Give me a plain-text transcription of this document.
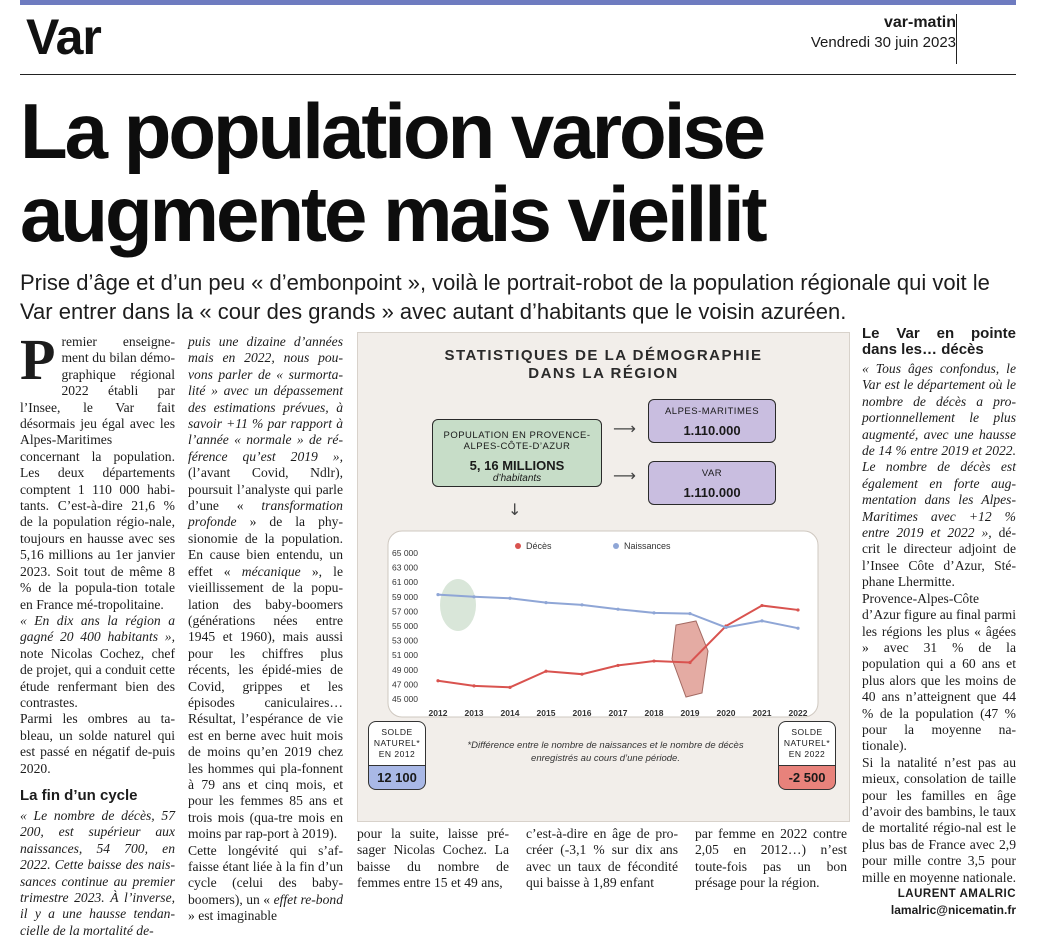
Var	var-matin
Vendredi 30 juin 2023
La population varoise augmente mais vieillit
Prise d’âge et d’un peu « d’embonpoint », voilà le portrait-robot de la population régionale qui voit le Var entrer dans la « cour des grands » avec autant d’habitants que le voisin azuréen.

Premier enseigne-ment du bilan démo-graphique régional 2022 établi par l’Insee, le Var fait désormais jeu égal avec les Alpes-Maritimes concernant la population. Les deux départements comptent 1 110 000 habi-tants. C’est-à-dire 21,6 % de la population régio-nale, toujours en hausse avec ses 5,16 millions au 1er janvier 2023. Soit tout de même 8 % de la popula-tion totale en France mé-tropolitaine.

« En dix ans la région a gagné 20 400 habitants », note Nicolas Cochez, chef de projet, qui a conduit cette étude renfermant bien des contrastes.

Parmi les ombres au ta-bleau, un solde naturel qui est passé en négatif de-puis 2020.

La fin d’un cycle

« Le nombre de décès, 57 200, est supérieur aux naissances, 54 700, en 2022. Cette baisse des nais-sances continue au premier trimestre 2023. À l’inverse, il y a une hausse tendan-cielle de la mortalité de-

puis une dizaine d’années mais en 2022, nous pou-vons parler de « surmorta-lité » avec un dépassement des estimations prévues, à savoir +11 % par rapport à l’année « normale » de ré-férence qu’est 2019 », (l’avant Covid, Ndlr), poursuit l’analyste qui parle d’une « transformation profonde » de la phy-sionomie de la population. En cause bien entendu, un effet « mécanique », le vieillissement de la popu-lation des baby-boomers (générations nées entre 1945 et 1960), mais aussi pour les chiffres plus récents, les épidé-mies de Covid, grippes et les épisodes caniculaires… Résultat, l’espérance de vie est en berne avec huit mois de moins qu’en 2019 chez les hommes qui pla-fonnent à 79 ans et cinq mois, et pour les femmes 85 ans et trois mois (qua-tre mois en moins par rap-port à 2019).

Cette longévité qui s’af-faisse étant liée à la fin d’un cycle (celui des baby-boomers), un « effet re-bond » est imaginable

STATISTIQUES DE LA DÉMOGRAPHIE
DANS LA RÉGION
POPULATION EN PROVENCE-ALPES-CÔTE-D’AZUR
5, 16 MILLIONS
d’habitants
⟶
⟶
↓
ALPES-MARITIMES
1.110.000
VAR
1.110.000
65 000
63 000
61 000
59 000
57 000
55 000
53 000
51 000
49 000
47 000
45 000
2012 2013 2014 2015 2016 2017 2018 2019 2020 2021 2022
Décès	Naissances
SOLDE NATUREL* EN 2012
12 100
SOLDE NATUREL* EN 2022
-2 500
*Différence entre le nombre de naissances et le nombre de décès enregistrés au cours d’une période.
pour la suite, laisse pré-sager Nicolas Cochez. La baisse du nombre de femmes entre 15 et 49 ans,
c’est-à-dire en âge de pro-créer (-3,1 % sur dix ans avec un taux de fécondité qui baisse à 1,89 enfant
par femme en 2022 contre 2,05 en 2012…) n’est toute-fois pas un bon présage pour la région.
Le Var en pointe dans les… décès

« Tous âges confondus, le Var est le département où le nombre de décès a pro-portionnellement le plus augmenté, avec une hausse de 14 % entre 2019 et 2022. Le nombre de décès est également en forte aug-mentation dans les Alpes-Maritimes avec +12 % entre 2019 et 2022 », dé-crit le directeur adjoint de l’Insee Côte d’Azur, Sté-phane Lhermitte.

Provence-Alpes-Côte d’Azur figure au final parmi les régions les plus « âgées » avec 31 % de la population qui a 60 ans et plus alors que les moins de 40 ans n’atteignent que 44 % de la population (47 % pour la moyenne na-tionale).

Si la natalité n’est pas au mieux, consolation de taille pour les familles en âge d’avoir des bambins, le taux de mortalité régio-nal est le plus bas de France avec 2,9 pour mille contre 3,5 pour mille en moyenne nationale.

LAURENT AMALRIC
lamalric@nicematin.fr
